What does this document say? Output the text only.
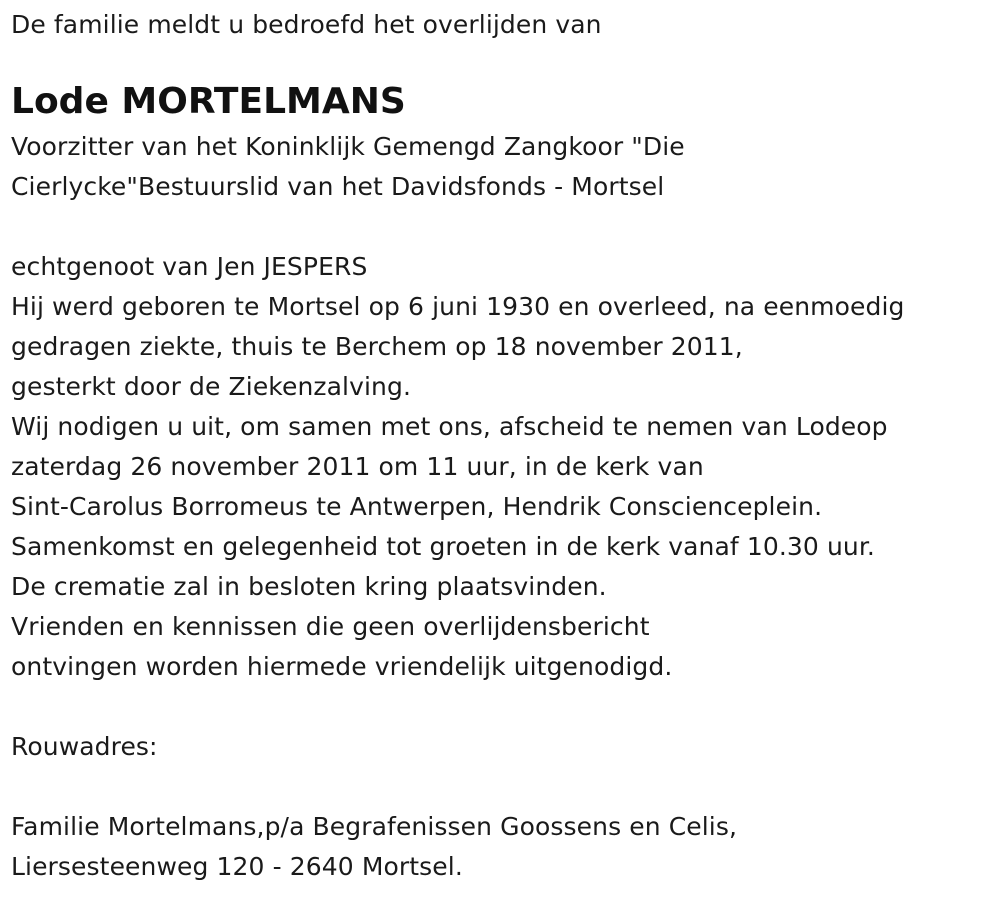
De familie meldt u bedroefd het overlijden van
Lode MORTELMANS
Voorzitter van het Koninklijk Gemengd Zangkoor "Die
Cierlycke"Bestuurslid van het Davidsfonds - Mortsel
echtgenoot van Jen JESPERS
Hij werd geboren te Mortsel op 6 juni 1930 en overleed, na eenmoedig
gedragen ziekte, thuis te Berchem op 18 november 2011,
gesterkt door de Ziekenzalving.
Wij nodigen u uit, om samen met ons, afscheid te nemen van Lodeop
zaterdag 26 november 2011 om 11 uur, in de kerk van
Sint-Carolus Borromeus te Antwerpen, Hendrik Conscienceplein.
Samenkomst en gelegenheid tot groeten in de kerk vanaf 10.30 uur.
De crematie zal in besloten kring plaatsvinden.
Vrienden en kennissen die geen overlijdensbericht
ontvingen worden hiermede vriendelijk uitgenodigd.
Rouwadres:
Familie Mortelmans,p/a Begrafenissen Goossens en Celis,
Liersesteenweg 120 - 2640 Mortsel.
